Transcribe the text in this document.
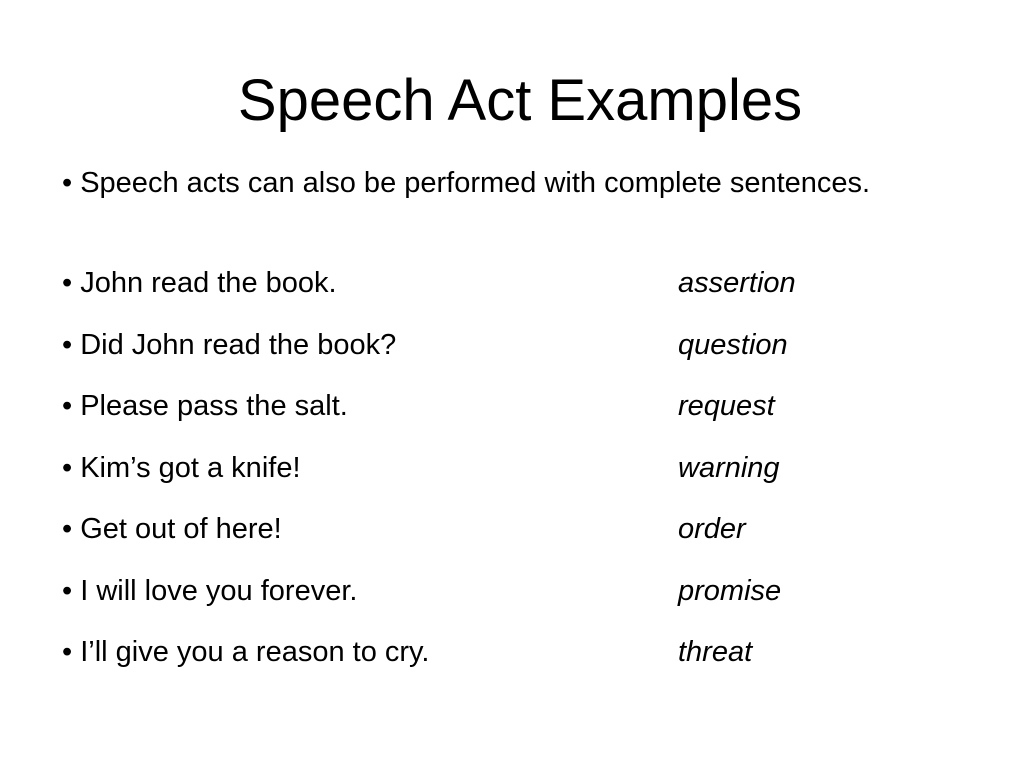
Speech Act Examples
• Speech acts can also be performed with complete sentences.
• John read the book.	assertion
• Did John read the book?	question
• Please pass the salt.	request
• Kim’s got a knife!	warning
• Get out of here!	order
• I will love you forever.	promise
• I’ll give you a reason to cry.	threat
